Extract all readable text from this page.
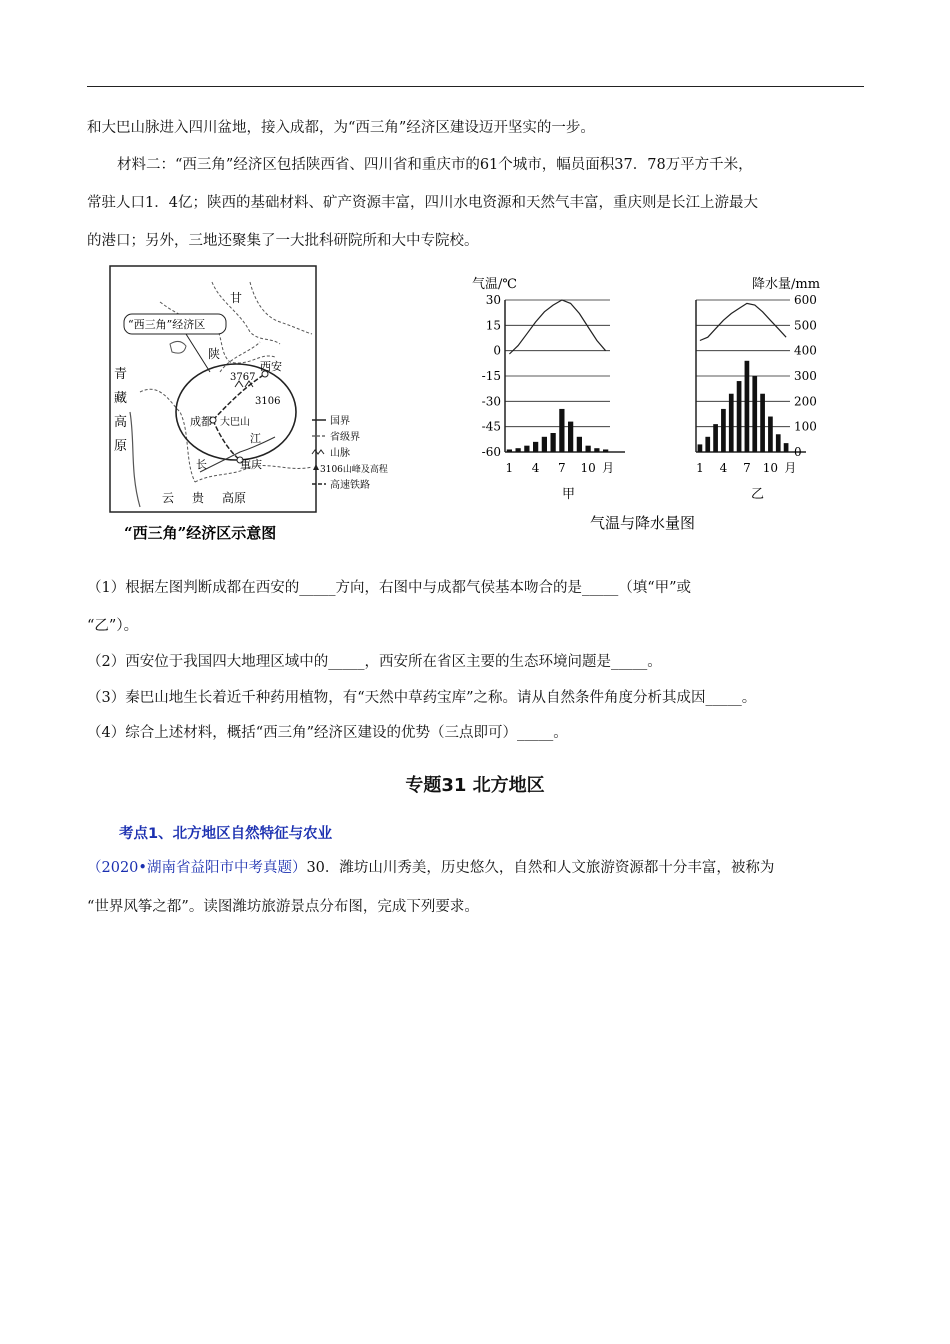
和大巴山脉进入四川盆地，接入成都，为“西三角”经济区建设迈开坚实的一步。
材料二：“西三角”经济区包括陕西省、四川省和重庆市的61个城市，幅员面积37．78万平方千米，
常驻人口1．4亿；陕西的基础材料、矿产资源丰富，四川水电资源和天然气丰富，重庆则是长江上游最大
的港口；另外，三地还聚集了一大批科研院所和大中专院校。
“西三角”经济区
甘
陕
青
藏
高
原
云 贵 高原
长
江
成都
西安
重庆
大巴山
3767
3106
国界
省级界
山脉
3106山峰及高程
高速铁路
“西三角”经济区示意图
气温/℃	降水量/mm
30
15
0
-15
-30
-45
-60
1 4 7 10 月
甲
600
500
400
300
200
100
0
1 4 7 10 月
乙
气温与降水量图
（1）根据左图判断成都在西安的_____方向，右图中与成都气侯基本吻合的是_____（填“甲”或
“乙”）。
（2）西安位于我国四大地理区域中的_____，西安所在省区主要的生态环境问题是_____。
（3）秦巴山地生长着近千种药用植物，有“天然中草药宝库”之称。请从自然条件角度分析其成因_____。
（4）综合上述材料，概括“西三角”经济区建设的优势（三点即可）_____。
专题31 北方地区
考点1、北方地区自然特征与农业
（2020•湖南省益阳市中考真题）30．潍坊山川秀美，历史悠久，自然和人文旅游资源都十分丰富，被称为
“世界风筝之都”。读图潍坊旅游景点分布图，完成下列要求。
